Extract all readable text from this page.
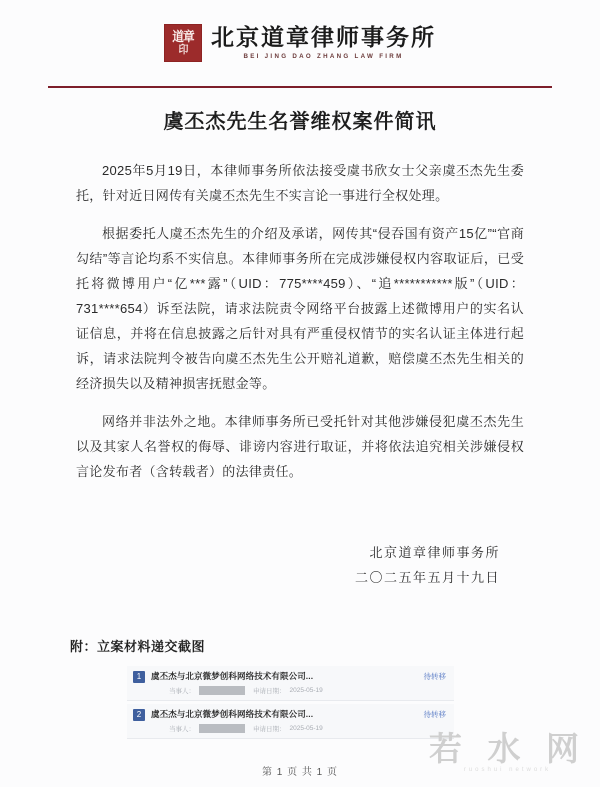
道章
印 北京道章律师事务所
BEI JING DAO ZHANG LAW FIRM
虞丕杰先生名誉维权案件简讯

2025年5月19日，本律师事务所依法接受虞书欣女士父亲虞丕杰先生委托，针对近日网传有关虞丕杰先生不实言论一事进行全权处理。

根据委托人虞丕杰先生的介绍及承诺，网传其“侵吞国有资产15亿”“官商勾结”等言论均系不实信息。本律师事务所在完成涉嫌侵权内容取证后，已受托将微博用户“亿***露”（UID：775****459）、“追***********版”（UID：731****654）诉至法院，请求法院责令网络平台披露上述微博用户的实名认证信息，并将在信息披露之后针对具有严重侵权情节的实名认证主体进行起诉，请求法院判令被告向虞丕杰先生公开赔礼道歉，赔偿虞丕杰先生相关的经济损失以及精神损害抚慰金等。

网络并非法外之地。本律师事务所已受托针对其他涉嫌侵犯虞丕杰先生以及其家人名誉权的侮辱、诽谤内容进行取证，并将依法追究相关涉嫌侵权言论发布者（含转载者）的法律责任。

北京道章律师事务所
二〇二五年五月十九日
附：立案材料递交截图
1	虞丕杰与北京微梦创科网络技术有限公司...
当事人：	申请日期： 2025-05-19
待转移
2	虞丕杰与北京微梦创科网络技术有限公司...
当事人：	申请日期： 2025-05-19
待转移
第 1 页 共 1 页
若 水 网
ruoshui network
